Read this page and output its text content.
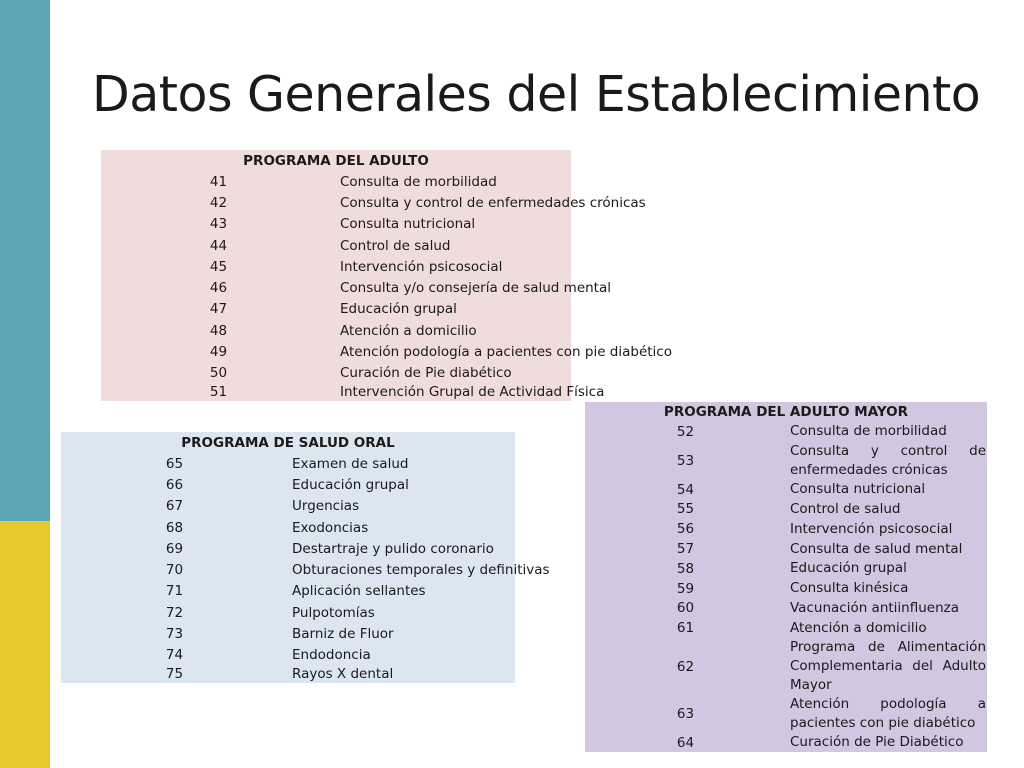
Datos Generales del Establecimiento
PROGRAMA DEL ADULTO	
41	Consulta de morbilidad
42	Consulta y control de enfermedades crónicas
43	Consulta nutricional
44	Control de salud
45	Intervención psicosocial
46	Consulta y/o consejería de salud mental
47	Educación grupal
48	Atención a domicilio
49	Atención podología a pacientes con pie diabético
50	Curación de Pie diabético
51	Intervención Grupal de Actividad Física
PROGRAMA DE SALUD ORAL	
65	Examen de salud
66	Educación grupal
67	Urgencias
68	Exodoncias
69	Destartraje y pulido coronario
70	Obturaciones temporales y definitivas
71	Aplicación sellantes
72	Pulpotomías
73	Barniz de Fluor
74	Endodoncia
75	Rayos X dental
PROGRAMA DEL ADULTO MAYOR	
52	Consulta de morbilidad
53	Consulta y control de enfermedades crónicas
54	Consulta nutricional
55	Control de salud
56	Intervención psicosocial
57	Consulta de salud mental
58	Educación grupal
59	Consulta kinésica
60	Vacunación antiinfluenza
61	Atención a domicilio
62	Programa de Alimentación Complementaria del Adulto Mayor
63	Atención podología a pacientes con pie diabético
64	Curación de Pie Diabético
